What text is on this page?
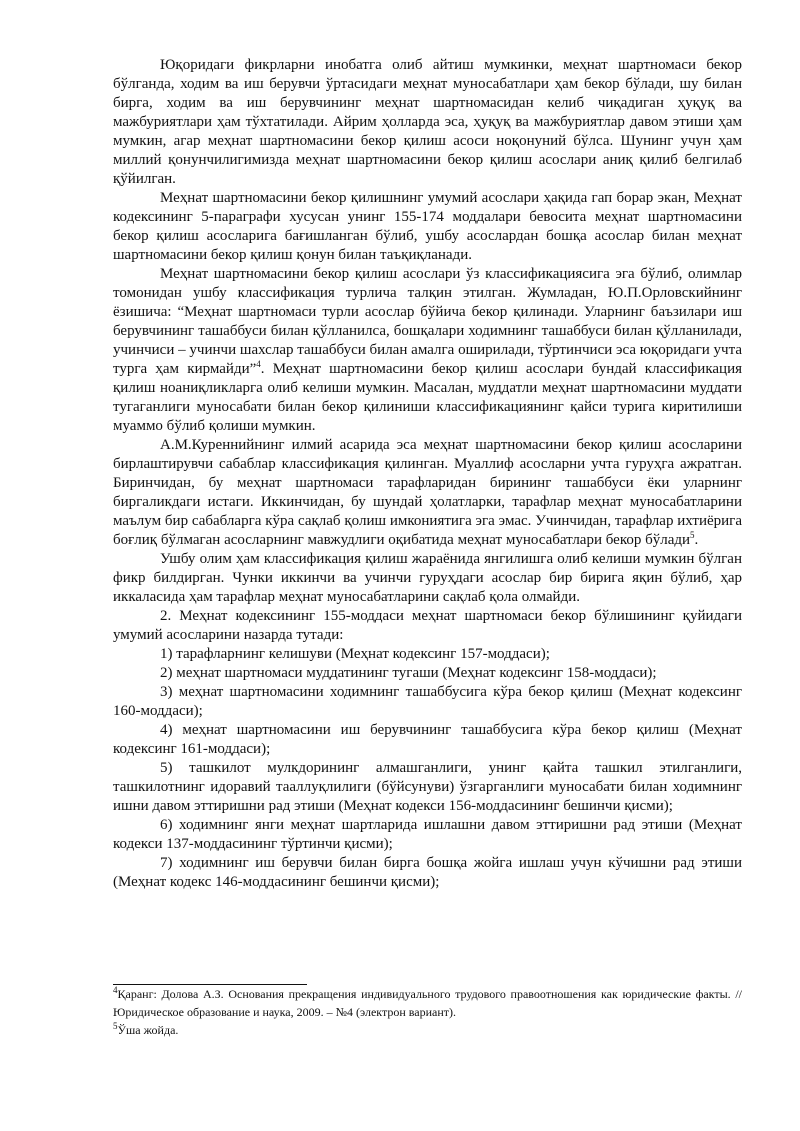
Юқоридаги фикрларни инобатга олиб айтиш мумкинки, меҳнат шартномаси бекор бўлганда, ходим ва иш берувчи ўртасидаги меҳнат муносабатлари ҳам бекор бўлади, шу билан бирга, ходим ва иш берувчининг меҳнат шартномасидан келиб чиқадиган ҳуқуқ ва мажбуриятлари ҳам тўхтатилади. Айрим ҳолларда эса, ҳуқуқ ва мажбуриятлар давом этиши ҳам мумкин, агар меҳнат шартномасини бекор қилиш асоси ноқонуний бўлса. Шунинг учун ҳам миллий қонунчилигимизда меҳнат шартномасини бекор қилиш асослари аниқ қилиб белгилаб қўйилган.

Меҳнат шартномасини бекор қилишнинг умумий асослари ҳақида гап борар экан, Меҳнат кодексининг 5-параграфи хусусан унинг 155-174 моддалари бевосита меҳнат шартномасини бекор қилиш асосларига бағишланган бўлиб, ушбу асослардан бошқа асослар билан меҳнат шартномасини бекор қилиш қонун билан таъқиқланади.

Меҳнат шартномасини бекор қилиш асослари ўз классификациясига эга бўлиб, олимлар томонидан ушбу классификация турлича талқин этилган. Жумладан, Ю.П.Орловскийнинг ёзишича: “Меҳнат шартномаси турли асослар бўйича бекор қилинади. Уларнинг баъзилари иш берувчининг ташаббуси билан қўлланилса, бошқалари ходимнинг ташаббуси билан қўлланилади, учинчиси – учинчи шахслар ташаббуси билан амалга оширилади, тўртинчиси эса юқоридаги учта турга ҳам кирмайди”$^4$. Меҳнат шартномасини бекор қилиш асослари бундай классификация қилиш ноаниқликларга олиб келиши мумкин. Масалан, муддатли меҳнат шартномасини муддати тугаганлиги муносабати билан бекор қилиниши классификациянинг қайси турига киритилиши муаммо бўлиб қолиши мумкин.

А.М.Куреннийнинг илмий асарида эса меҳнат шартномасини бекор қилиш асосларини бирлаштирувчи сабаблар классификация қилинган. Муаллиф асосларни учта гуруҳга ажратган. Биринчидан, бу меҳнат шартномаси тарафларидан бирининг ташаббуси ёки уларнинг биргаликдаги истаги. Иккинчидан, бу шундай ҳолатларки, тарафлар меҳнат муносабатларини маълум бир сабабларга кўра сақлаб қолиш имкониятига эга эмас. Учинчидан, тарафлар ихтиёрига боғлиқ бўлмаган асосларнинг мавжудлиги оқибатида меҳнат муносабатлари бекор бўлади$^5$.

Ушбу олим ҳам классификация қилиш жараёнида янгилишга олиб келиши мумкин бўлган фикр билдирган. Чунки иккинчи ва учинчи гуруҳдаги асослар бир бирига яқин бўлиб, ҳар иккаласида ҳам тарафлар меҳнат муносабатларини сақлаб қола олмайди.

2. Меҳнат кодексининг 155-моддаси меҳнат шартномаси бекор бўлишининг қуйидаги умумий асосларини назарда тутади:

1) тарафларнинг келишуви (Меҳнат кодексинг 157-моддаси);

2) меҳнат шартномаси муддатининг тугаши (Меҳнат кодексинг 158-моддаси);

3) меҳнат шартномасини ходимнинг ташаббусига кўра бекор қилиш (Меҳнат кодексинг 160-моддаси);

4) меҳнат шартномасини иш берувчининг ташаббусига кўра бекор қилиш (Меҳнат кодексинг 161-моддаси);

5) ташкилот мулкдорининг алмашганлиги, унинг қайта ташкил этилганлиги, ташкилотнинг идоравий тааллуқлилиги (бўйсунуви) ўзгарганлиги муносабати билан ходимнинг ишни давом эттиришни рад этиши (Меҳнат кодекси 156-моддасининг бешинчи қисми);

6) ходимнинг янги меҳнат шартларида ишлашни давом эттиришни рад этиши (Меҳнат кодекси 137-моддасининг тўртинчи қисми);

7) ходимнинг иш берувчи билан бирга бошқа жойга ишлаш учун кўчишни рад этиши (Меҳнат кодекс 146-моддасининг бешинчи қисми);

$^4$Қаранг: Долова А.З. Основания прекращения индивидуального трудового правоотношения как юридические факты. // Юридическое образование и наука, 2009. – №4 (электрон вариант).

$^5$Ўша жойда.
